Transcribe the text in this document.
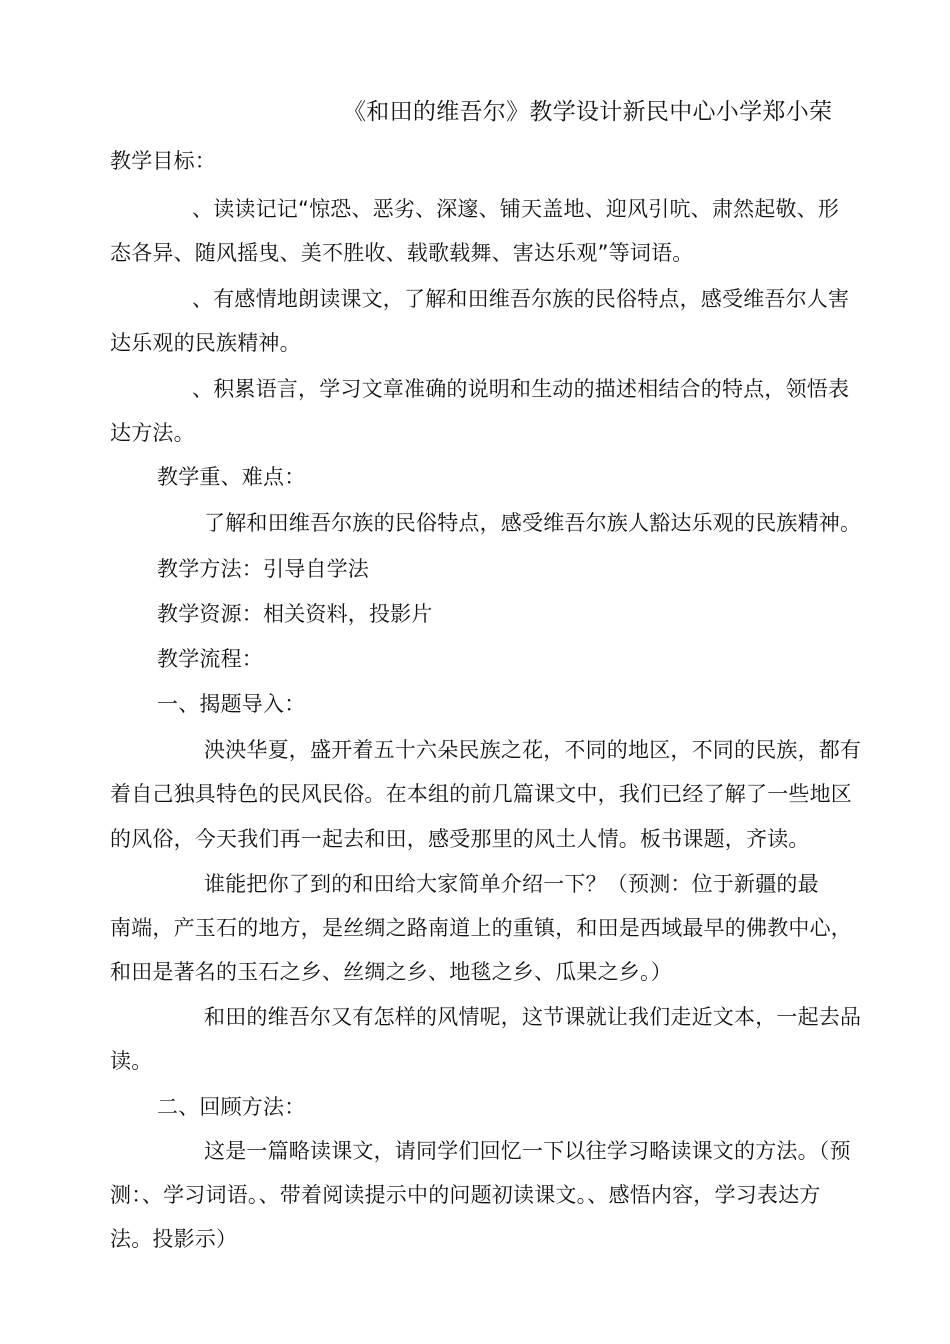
《和田的维吾尔》教学设计新民中心小学郑小荣
教学目标：
、读读记记“惊恐、恶劣、深邃、铺天盖地、迎风引吭、肃然起敬、形
态各异、随风摇曳、美不胜收、载歌载舞、害达乐观”等词语。
、有感情地朗读课文，了解和田维吾尔族的民俗特点，感受维吾尔人害
达乐观的民族精神。
、积累语言，学习文章准确的说明和生动的描述相结合的特点，领悟表
达方法。
教学重、难点：
了解和田维吾尔族的民俗特点，感受维吾尔族人豁达乐观的民族精神。
教学方法：引导自学法
教学资源：相关资料，投影片
教学流程：
一、揭题导入：
泱泱华夏，盛开着五十六朵民族之花，不同的地区，不同的民族，都有
着自己独具特色的民风民俗。在本组的前几篇课文中，我们已经了解了一些地区
的风俗，今天我们再一起去和田，感受那里的风土人情。板书课题，齐读。
谁能把你了到的和田给大家简单介绍一下？（预测：位于新疆的最
南端，产玉石的地方，是丝绸之路南道上的重镇，和田是西域最早的佛教中心，
和田是著名的玉石之乡、丝绸之乡、地毯之乡、瓜果之乡。）
和田的维吾尔又有怎样的风情呢，这节课就让我们走近文本，一起去品
读。
二、回顾方法：
这是一篇略读课文，请同学们回忆一下以往学习略读课文的方法。（预
测：、学习词语。、带着阅读提示中的问题初读课文。、感悟内容，学习表达方
法。投影示）
